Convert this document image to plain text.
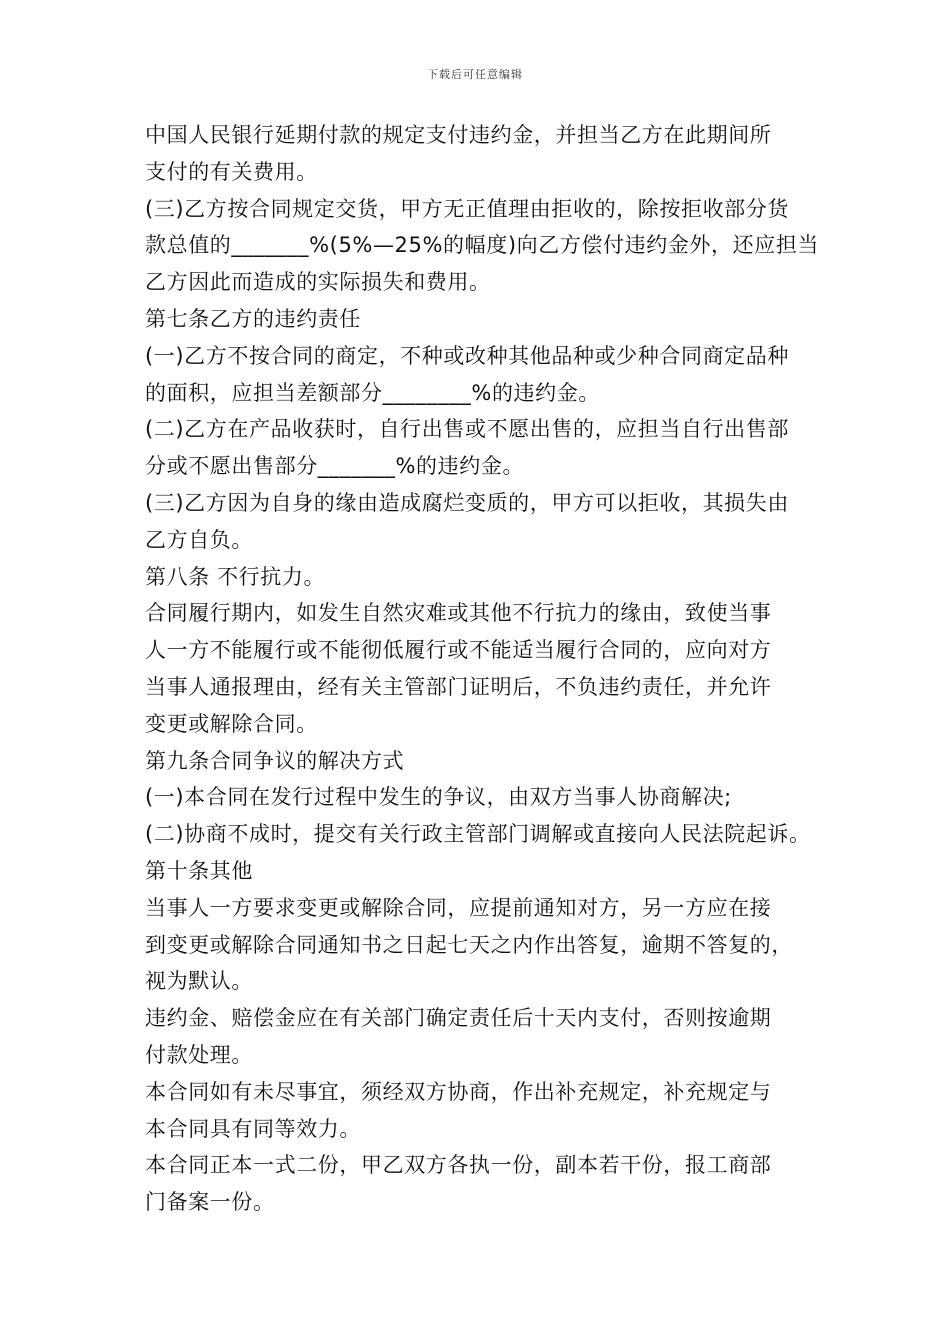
下载后可任意编辑
中国人民银行延期付款的规定支付违约金，并担当乙方在此期间所
支付的有关费用。
(三)乙方按合同规定交货，甲方无正值理由拒收的，除按拒收部分货
款总值的_______%(5%—25%的幅度)向乙方偿付违约金外，还应担当
乙方因此而造成的实际损失和费用。
第七条乙方的违约责任
(一)乙方不按合同的商定，不种或改种其他品种或少种合同商定品种
的面积，应担当差额部分________%的违约金。
(二)乙方在产品收获时，自行出售或不愿出售的，应担当自行出售部
分或不愿出售部分_______%的违约金。
(三)乙方因为自身的缘由造成腐烂变质的，甲方可以拒收，其损失由
乙方自负。
第八条 不行抗力。
合同履行期内，如发生自然灾难或其他不行抗力的缘由，致使当事
人一方不能履行或不能彻低履行或不能适当履行合同的，应向对方
当事人通报理由，经有关主管部门证明后，不负违约责任，并允许
变更或解除合同。
第九条合同争议的解决方式
(一)本合同在发行过程中发生的争议，由双方当事人协商解决;
(二)协商不成时，提交有关行政主管部门调解或直接向人民法院起诉。
第十条其他
当事人一方要求变更或解除合同，应提前通知对方，另一方应在接
到变更或解除合同通知书之日起七天之内作出答复，逾期不答复的，
视为默认。
违约金、赔偿金应在有关部门确定责任后十天内支付，否则按逾期
付款处理。
本合同如有未尽事宜，须经双方协商，作出补充规定，补充规定与
本合同具有同等效力。
本合同正本一式二份，甲乙双方各执一份，副本若干份，报工商部
门备案一份。
